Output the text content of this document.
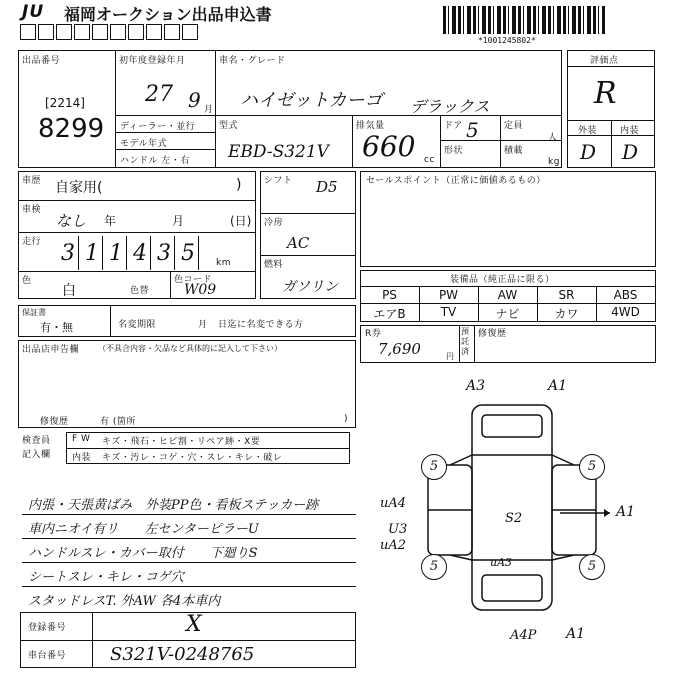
JU 福岡オークション出品申込書
*1001245802*
出品番号
[2214]
8299
初年度登録年月
27 9 月
車名・グレード
ハイゼットカーゴ デラックス
ディーラー・並行
モデル年式
ハンドル 左・右
型式
EBD-S321V
排気量
660 cc
ドア 5
形状
定員
人
積載
kg
評価点
R
外装	内装
D D
車歴 自家用(	)
車検
なし 年	月	(日)
走行 3 1 1 4 3 5	km
色
白	色替
色コード
W09
シフト D5
冷房
AC
燃料
ガソリン
セールスポイント（正常に価値あるもの）
装備品（純正品に限る）
PS	PW	AW	SR	ABS
エアB	TV	ナビ	カワ	4WD
R券
7,690	円
預託済
修復歴
保証書
有・無	名変期限	月 日迄に名変できる方
出品店申告欄 （不具合内容・欠品など具体的に記入して下さい）
修復歴	有 (箇所	)
検査員記入欄
F W キズ・飛石・ヒビ割・リペア跡・X要
内装 キズ・汚レ・コゲ・穴・スレ・キレ・破レ
内張・天張黄ばみ　外装PP色・看板ステッカー跡
車内ニオイ有リ　　左センターピラーU
ハンドルスレ・カバー取付　　下廻りS
シートスレ・キレ・コゲ穴
スタッドレスT. 外AW 各4本車内
登録番号	X
車台番号 S321V-0248765
A3	A1
uA4
U3
uA2
S2	A1
uA3
A4P A1
5	5
5	5
